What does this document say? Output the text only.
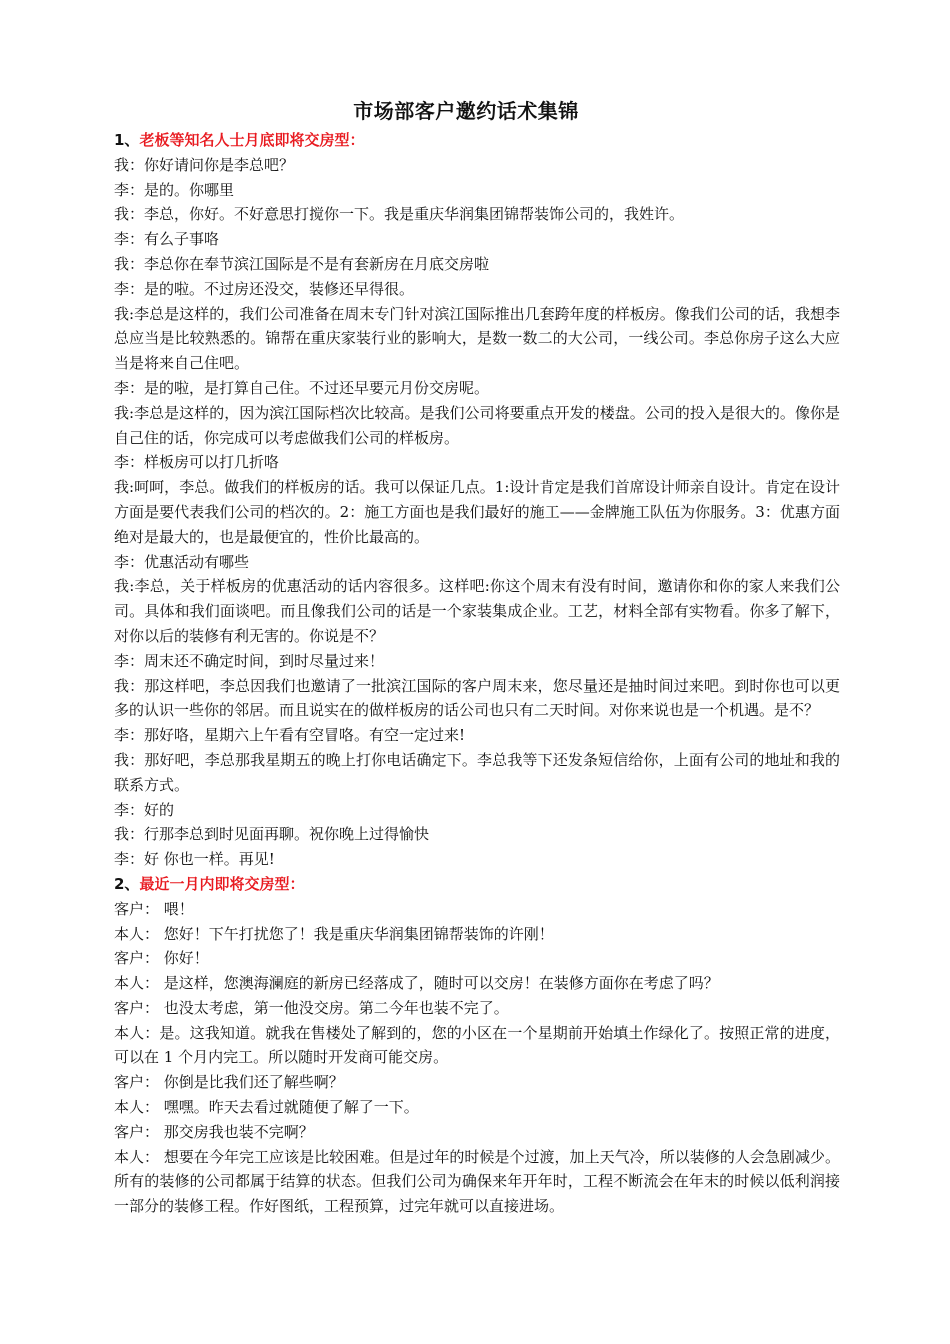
市场部客户邀约话术集锦
1、老板等知名人士月底即将交房型：
我：你好请问你是李总吧？
李：是的。你哪里
我：李总，你好。不好意思打搅你一下。我是重庆华润集团锦帮装饰公司的，我姓许。
李：有么子事咯
我：李总你在奉节滨江国际是不是有套新房在月底交房啦
李：是的啦。不过房还没交，装修还早得很。
我:李总是这样的，我们公司准备在周末专门针对滨江国际推出几套跨年度的样板房。像我们公司的话，我想李总应当是比较熟悉的。锦帮在重庆家装行业的影响大，是数一数二的大公司，一线公司。李总你房子这么大应当是将来自己住吧。
李：是的啦，是打算自己住。不过还早要元月份交房呢。
我:李总是这样的，因为滨江国际档次比较高。是我们公司将要重点开发的楼盘。公司的投入是很大的。像你是自己住的话，你完成可以考虑做我们公司的样板房。
李：样板房可以打几折咯
我:呵呵，李总。做我们的样板房的话。我可以保证几点。1:设计肯定是我们首席设计师亲自设计。肯定在设计方面是要代表我们公司的档次的。2：施工方面也是我们最好的施工——金牌施工队伍为你服务。3：优惠方面绝对是最大的，也是最便宜的，性价比最高的。
李：优惠活动有哪些
我:李总，关于样板房的优惠活动的话内容很多。这样吧:你这个周末有没有时间，邀请你和你的家人来我们公司。具体和我们面谈吧。而且像我们公司的话是一个家装集成企业。工艺，材料全部有实物看。你多了解下，对你以后的装修有利无害的。你说是不？
李：周末还不确定时间，到时尽量过来！
我：那这样吧，李总因我们也邀请了一批滨江国际的客户周末来，您尽量还是抽时间过来吧。到时你也可以更多的认识一些你的邻居。而且说实在的做样板房的话公司也只有二天时间。对你来说也是一个机遇。是不？
李：那好咯，星期六上午看有空冒咯。有空一定过来!
我：那好吧，李总那我星期五的晚上打你电话确定下。李总我等下还发条短信给你，上面有公司的地址和我的联系方式。
李：好的
我：行那李总到时见面再聊。祝你晚上过得愉快
李：好 你也一样。再见!
2、最近一月内即将交房型：
客户： 喂！
本人： 您好！下午打扰您了！我是重庆华润集团锦帮装饰的许刚！
客户： 你好！
本人： 是这样，您澳海澜庭的新房已经落成了，随时可以交房！在装修方面你在考虑了吗？
客户： 也没太考虑，第一他没交房。第二今年也装不完了。
本人：是。这我知道。就我在售楼处了解到的，您的小区在一个星期前开始填土作绿化了。按照正常的进度，可以在 1 个月内完工。所以随时开发商可能交房。
客户： 你倒是比我们还了解些啊？
本人： 嘿嘿。昨天去看过就随便了解了一下。
客户： 那交房我也装不完啊？
本人： 想要在今年完工应该是比较困难。但是过年的时候是个过渡，加上天气冷，所以装修的人会急剧减少。所有的装修的公司都属于结算的状态。但我们公司为确保来年开年时，工程不断流会在年末的时候以低利润接一部分的装修工程。作好图纸，工程预算，过完年就可以直接进场。
